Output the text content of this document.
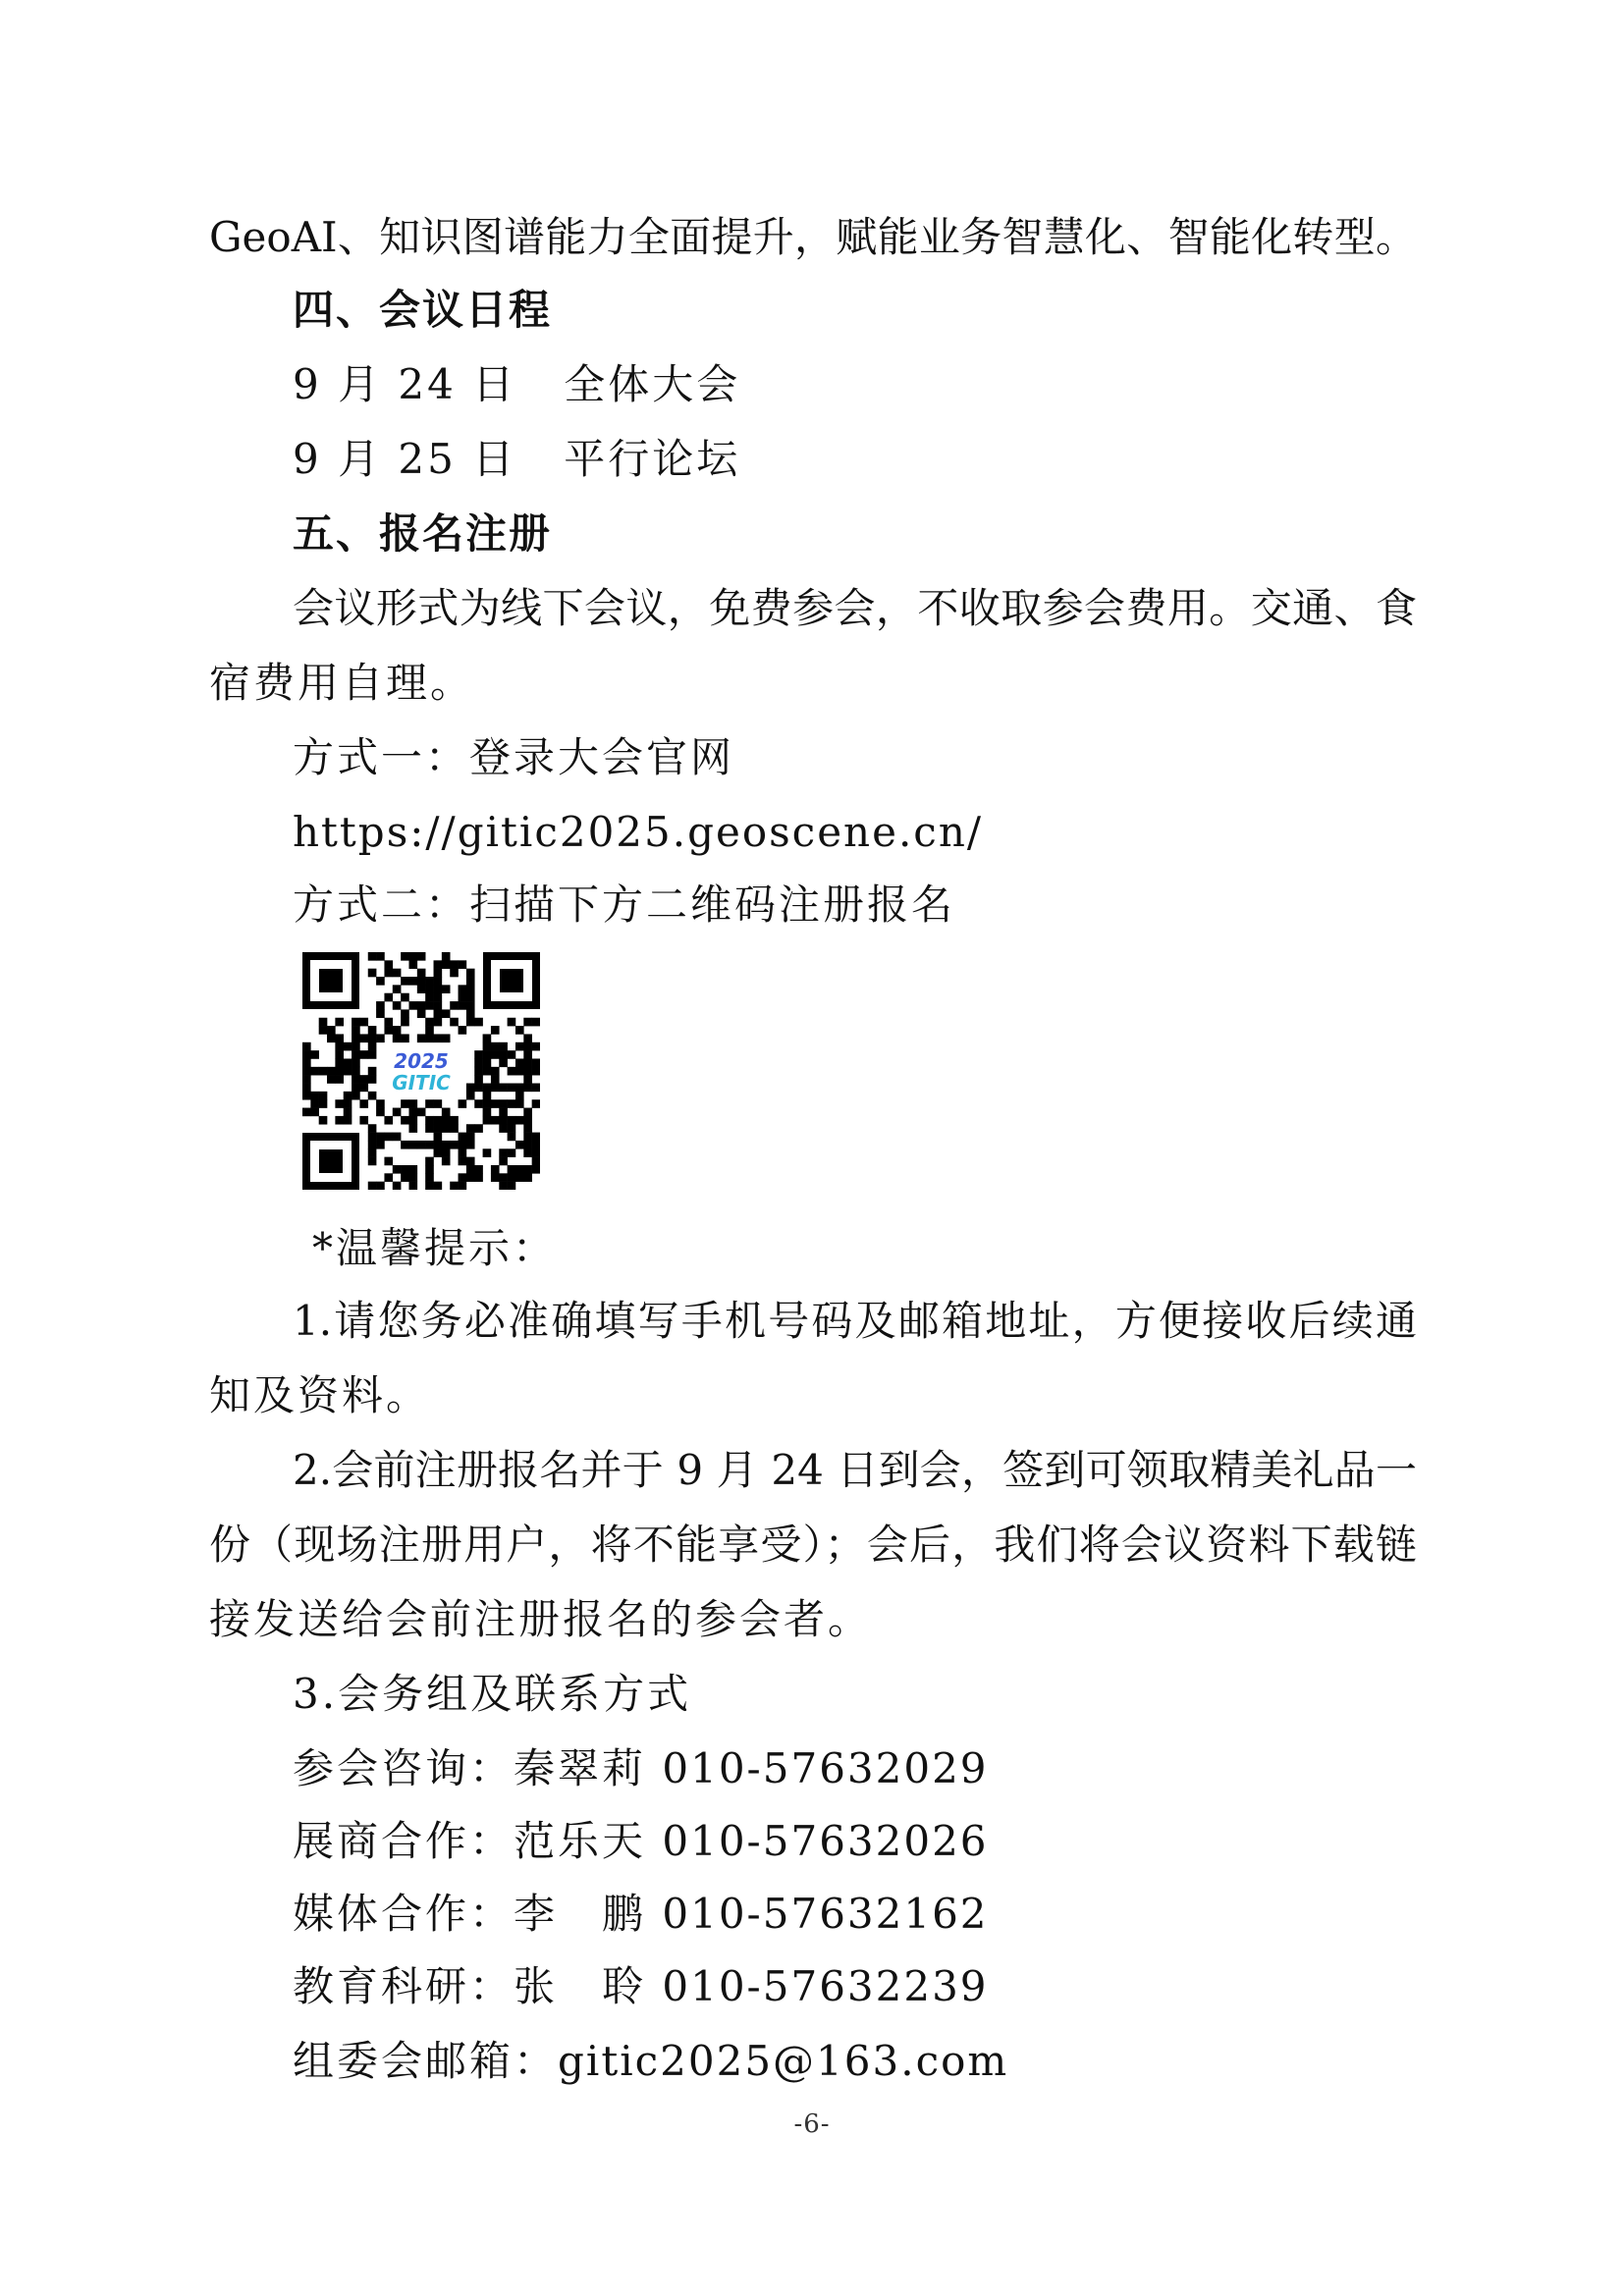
GeoAI、知识图谱能力全面提升，赋能业务智慧化、智能化转型。
四、会议日程
9 月 24 日 全体大会
9 月 25 日 平行论坛
五、报名注册
会议形式为线下会议，免费参会，不收取参会费用。交通、食
宿费用自理。
方式一：登录大会官网
https://gitic2025.geoscene.cn/
方式二：扫描下方二维码注册报名
2025
GITIC
*温馨提示：
1.请您务必准确填写手机号码及邮箱地址，方便接收后续通
知及资料。
2.会前注册报名并于 9 月 24 日到会，签到可领取精美礼品一
份（现场注册用户，将不能享受）；会后，我们将会议资料下载链
接发送给会前注册报名的参会者。
3.会务组及联系方式
参会咨询：秦翠莉 010-57632029
展商合作：范乐天 010-57632026
媒体合作：李　鹏 010-57632162
教育科研：张　聆 010-57632239
组委会邮箱：gitic2025@163.com
-6-
